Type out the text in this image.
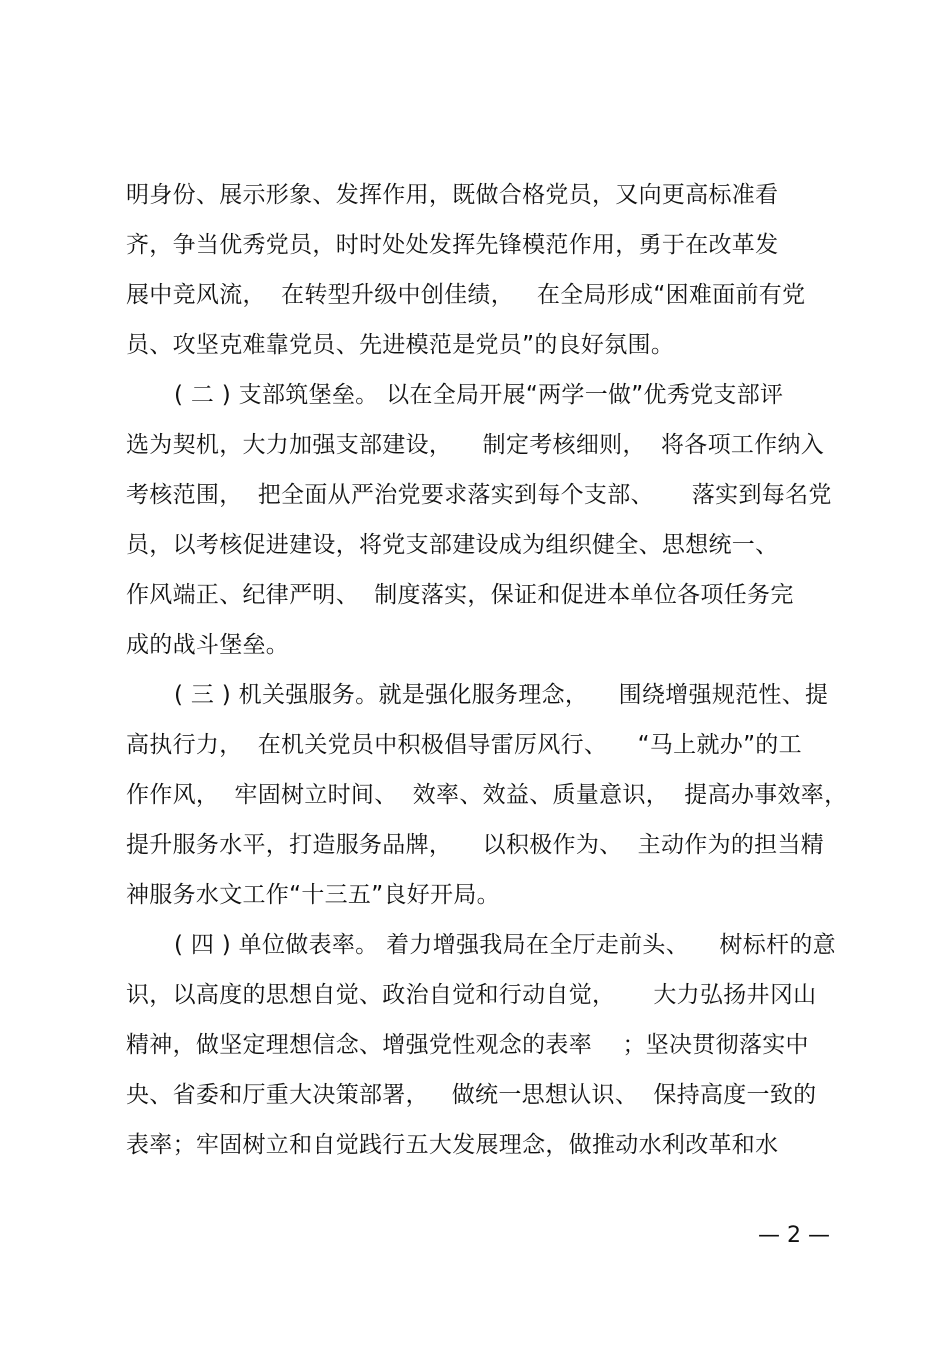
明身份、展示形象、发挥作用，既做合格党员，又向更高标准看
齐，争当优秀党员，时时处处发挥先锋模范作用，勇于在改革发
展中竞风流，  在转型升级中创佳绩，   在全局形成“困难面前有党
员、攻坚克难靠党员、先进模范是党员”的良好氛围。
( 二 ) 支部筑堡垒。 以在全局开展“两学一做”优秀党支部评
选为契机，大力加强支部建设，    制定考核细则，  将各项工作纳入
考核范围，  把全面从严治党要求落实到每个支部、     落实到每名党
员，以考核促进建设，将党支部建设成为组织健全、思想统一、
作风端正、纪律严明、  制度落实，保证和促进本单位各项任务完
成的战斗堡垒。
( 三 ) 机关强服务。就是强化服务理念，    围绕增强规范性、提
高执行力，  在机关党员中积极倡导雷厉风行、    “马上就办”的工
作作风，  牢固树立时间、  效率、效益、质量意识，  提高办事效率，
提升服务水平，打造服务品牌，    以积极作为、  主动作为的担当精
神服务水文工作“十三五”良好开局。
( 四 ) 单位做表率。 着力增强我局在全厅走前头、    树标杆的意
识，以高度的思想自觉、政治自觉和行动自觉，     大力弘扬井冈山
精神，做坚定理想信念、增强党性观念的表率    ；坚决贯彻落实中
央、省委和厅重大决策部署，   做统一思想认识、  保持高度一致的
表率；牢固树立和自觉践行五大发展理念，做推动水利改革和水
— 2 —
